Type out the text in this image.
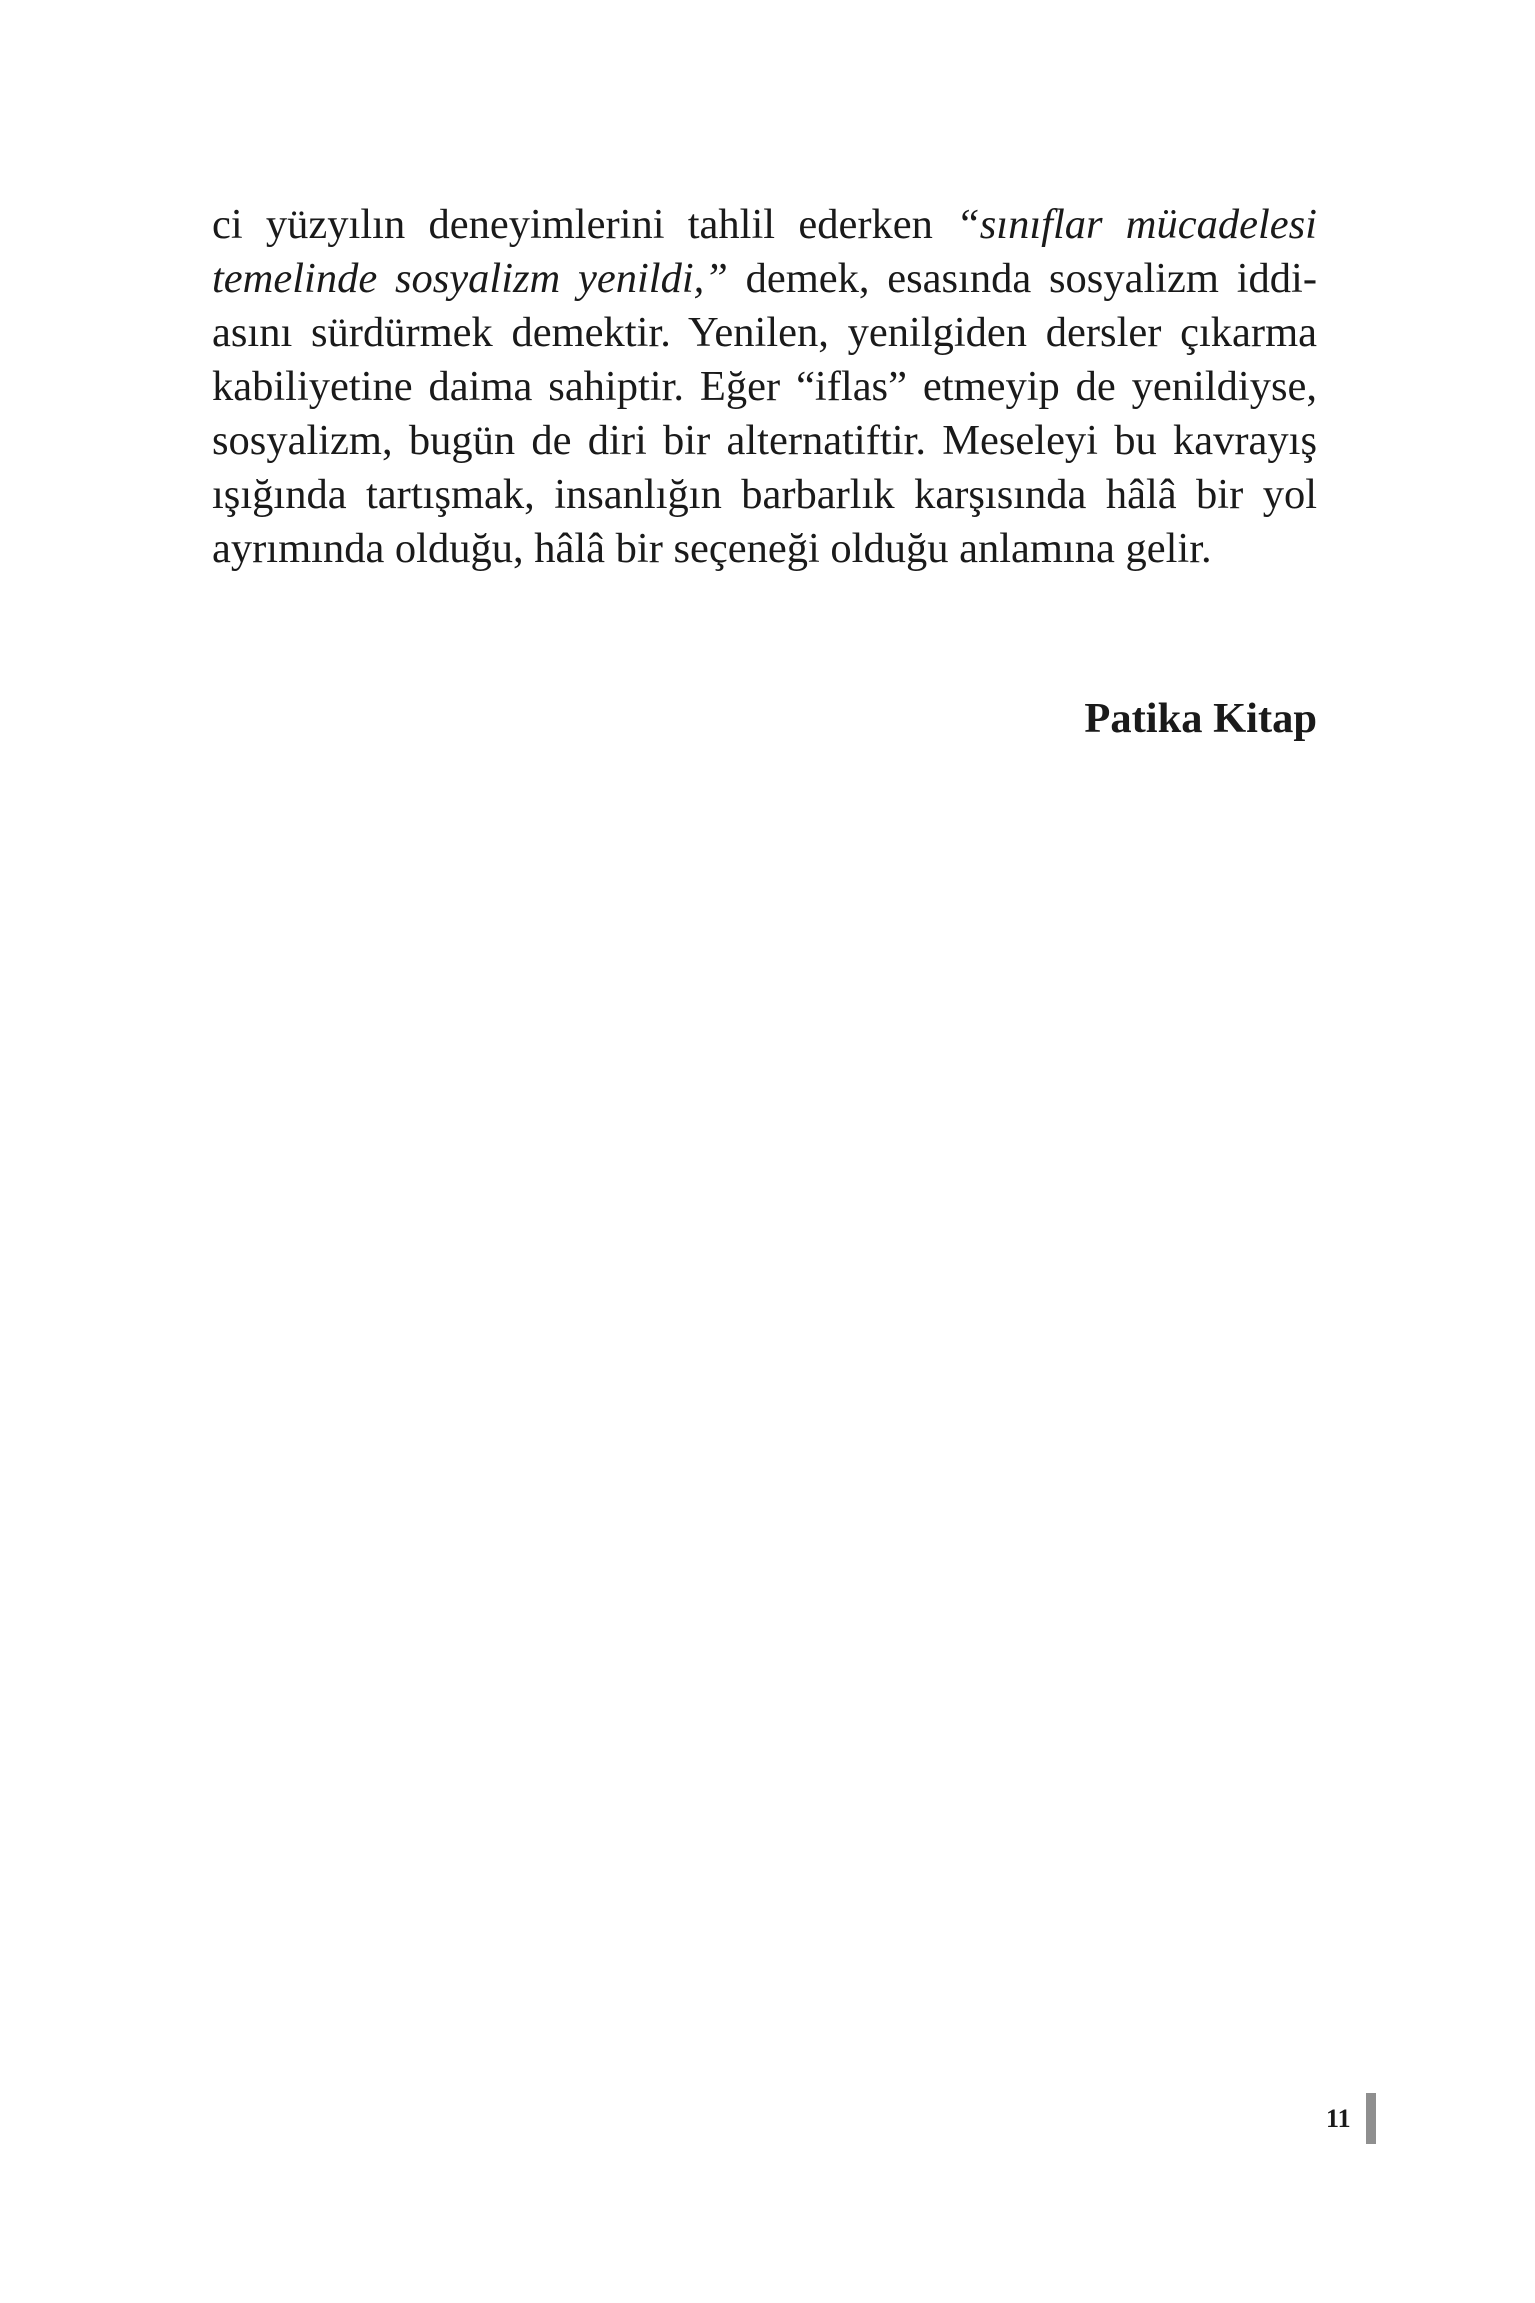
ci yüzyılın deneyimlerini tahlil ederken “sınıflar mücadelesi
temelinde sosyalizm yenildi,” demek, esasında sosyalizm iddi-
asını sürdürmek demektir. Yenilen, yenilgiden dersler çıkarma
kabiliyetine daima sahiptir. Eğer “iflas” etmeyip de yenildiyse,
sosyalizm, bugün de diri bir alternatiftir. Meseleyi bu kavrayış
ışığında tartışmak, insanlığın barbarlık karşısında hâlâ bir yol
ayrımında olduğu, hâlâ bir seçeneği olduğu anlamına gelir.

Patika Kitap

11
